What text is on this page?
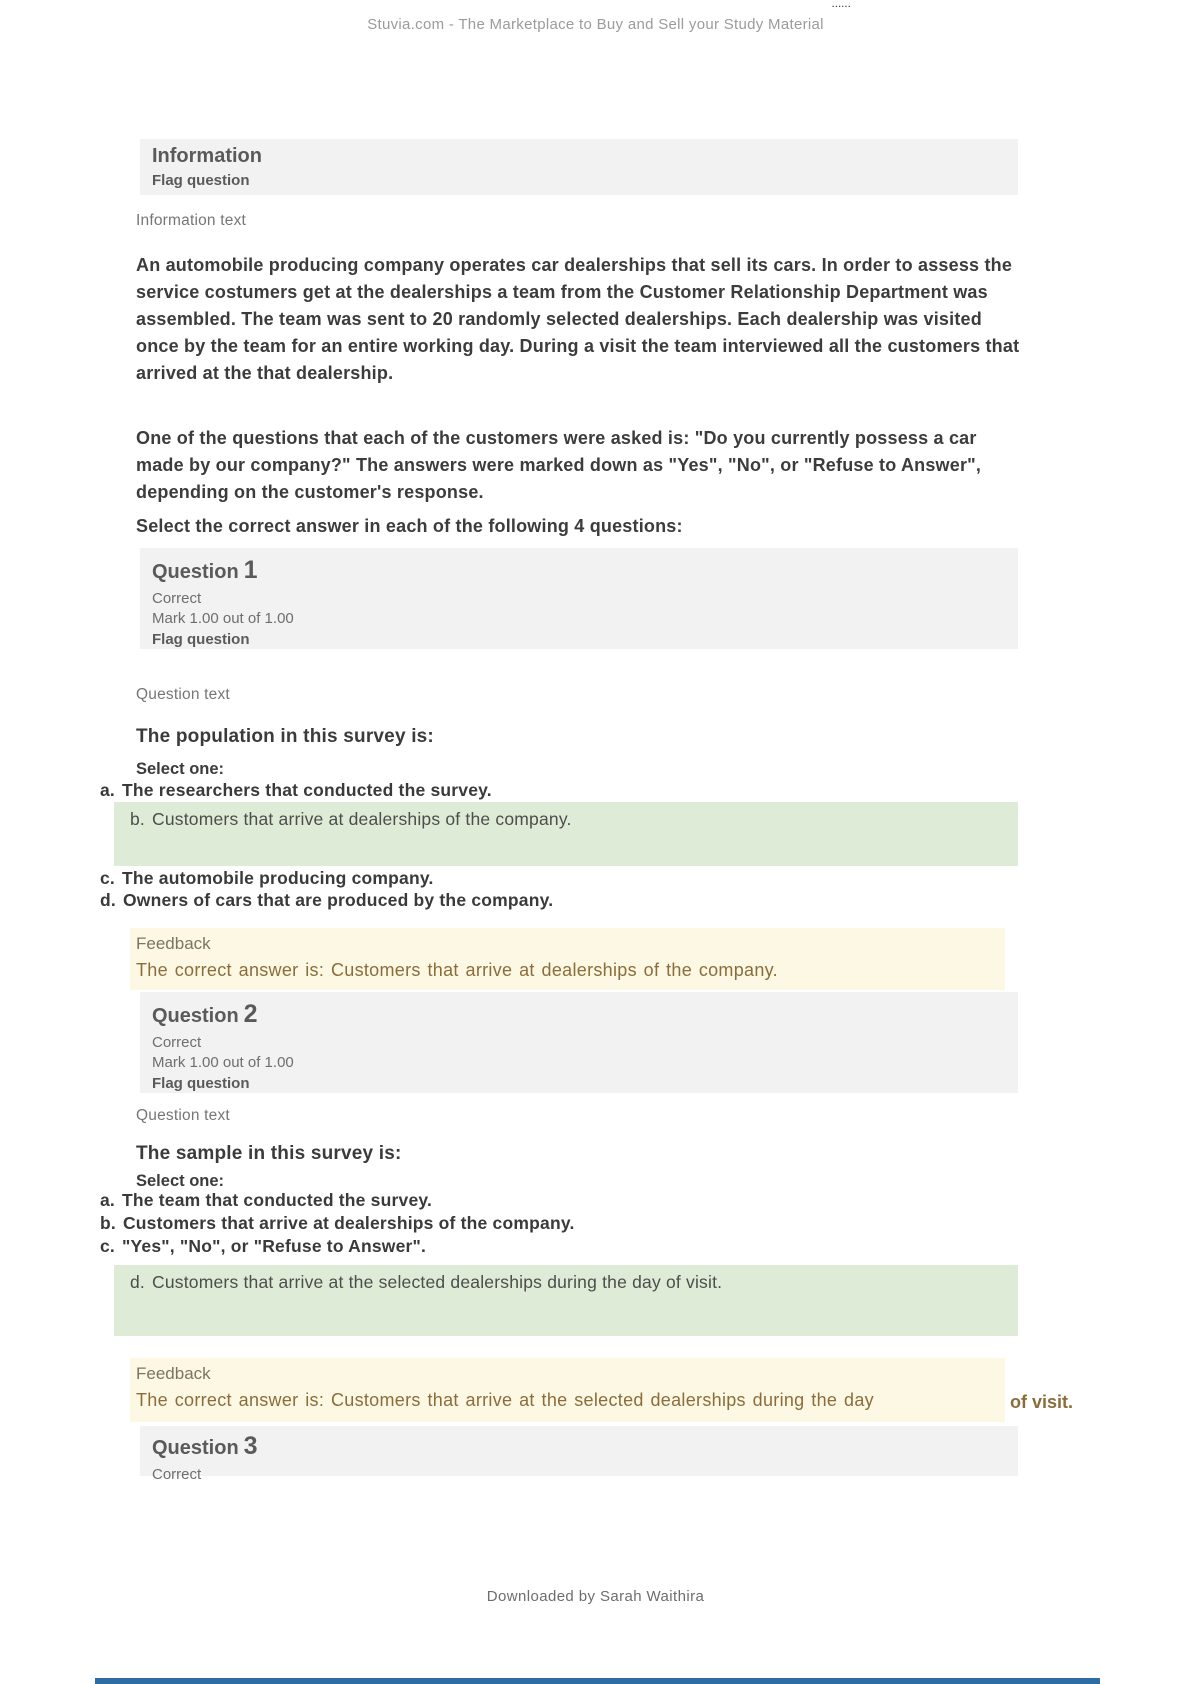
......
Stuvia.com - The Marketplace to Buy and Sell your Study Material
Information
Flag question
Information text
An automobile producing company operates car dealerships that sell its cars. In order to assess the service costumers get at the dealerships a team from the Customer Relationship Department was assembled. The team was sent to 20 randomly selected dealerships. Each dealership was visited once by the team for an entire working day. During a visit the team interviewed all the customers that arrived at the that dealership.
One of the questions that each of the customers were asked is: "Do you currently possess a car made by our company?" The answers were marked down as "Yes", "No", or "Refuse to Answer", depending on the customer's response.
Select the correct answer in each of the following 4 questions:
Question 1
Correct
Mark 1.00 out of 1.00
Flag question
Question text
The population in this survey is:
Select one:
a. The researchers that conducted the survey.
b. Customers that arrive at dealerships of the company.
c. The automobile producing company.
d. Owners of cars that are produced by the company.
Feedback
The correct answer is: Customers that arrive at dealerships of the company.
Question 2
Correct
Mark 1.00 out of 1.00
Flag question
Question text
The sample in this survey is:
Select one:
a. The team that conducted the survey.
b. Customers that arrive at dealerships of the company.
c. "Yes", "No", or "Refuse to Answer".
d. Customers that arrive at the selected dealerships during the day of visit.
Feedback
The correct answer is: Customers that arrive at the selected dealerships during the day	of visit.
Question 3
Correct
Downloaded by Sarah Waithira
